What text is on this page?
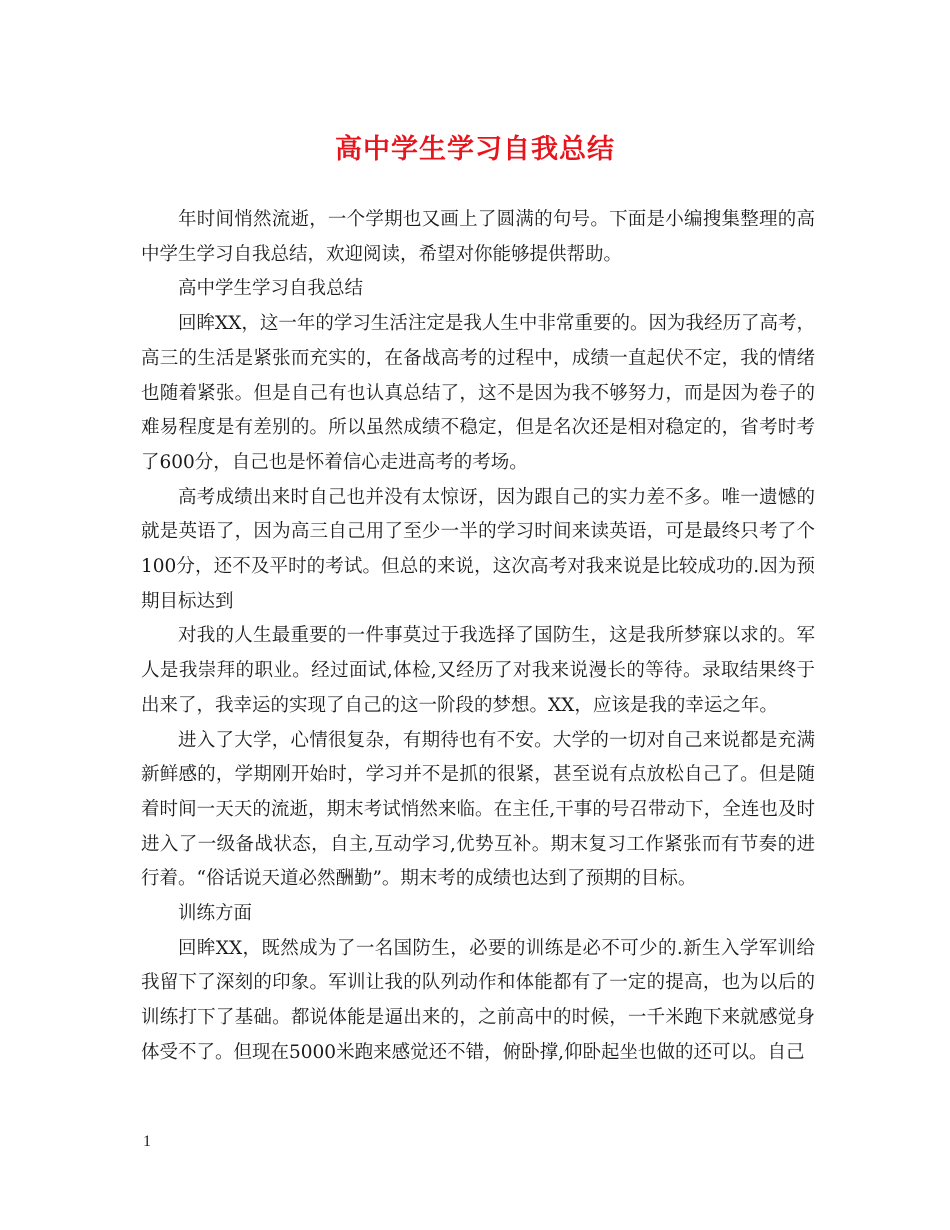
高中学生学习自我总结

年时间悄然流逝，一个学期也又画上了圆满的句号。下面是小编搜集整理的高中学生学习自我总结，欢迎阅读，希望对你能够提供帮助。

高中学生学习自我总结

回眸XX，这一年的学习生活注定是我人生中非常重要的。因为我经历了高考，高三的生活是紧张而充实的，在备战高考的过程中，成绩一直起伏不定，我的情绪也随着紧张。但是自己有也认真总结了，这不是因为我不够努力，而是因为卷子的难易程度是有差别的。所以虽然成绩不稳定，但是名次还是相对稳定的，省考时考了600分，自己也是怀着信心走进高考的考场。

高考成绩出来时自己也并没有太惊讶，因为跟自己的实力差不多。唯一遗憾的就是英语了，因为高三自己用了至少一半的学习时间来读英语，可是最终只考了个100分，还不及平时的考试。但总的来说，这次高考对我来说是比较成功的.因为预期目标达到

对我的人生最重要的一件事莫过于我选择了国防生，这是我所梦寐以求的。军人是我崇拜的职业。经过面试,体检,又经历了对我来说漫长的等待。录取结果终于出来了，我幸运的实现了自己的这一阶段的梦想。XX，应该是我的幸运之年。

进入了大学，心情很复杂，有期待也有不安。大学的一切对自己来说都是充满新鲜感的，学期刚开始时，学习并不是抓的很紧，甚至说有点放松自己了。但是随着时间一天天的流逝，期末考试悄然来临。在主任,干事的号召带动下，全连也及时进入了一级备战状态，自主,互动学习,优势互补。期末复习工作紧张而有节奏的进行着。“俗话说天道必然酬勤”。期末考的成绩也达到了预期的目标。

训练方面

回眸XX，既然成为了一名国防生，必要的训练是必不可少的.新生入学军训给我留下了深刻的印象。军训让我的队列动作和体能都有了一定的提高，也为以后的训练打下了基础。都说体能是逼出来的，之前高中的时候，一千米跑下来就感觉身体受不了。但现在5000米跑来感觉还不错，俯卧撑,仰卧起坐也做的还可以。自己

1
